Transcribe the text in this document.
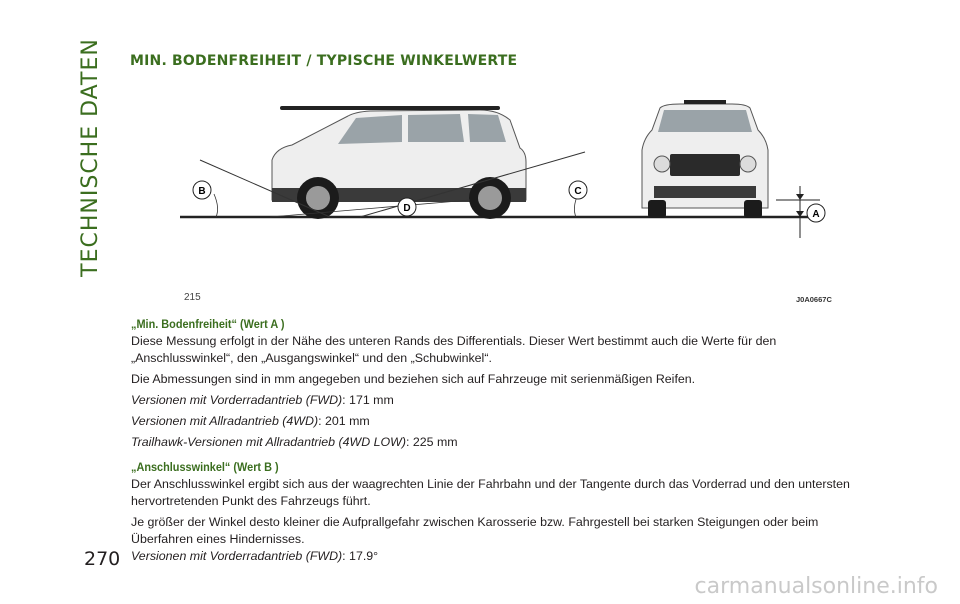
TECHNISCHE DATEN MIN. BODENFREIHEIT / TYPISCHE WINKELWERTE
A
B	C
D
215	J0A0667C

„Min. Bodenfreiheit“ (Wert A )

Diese Messung erfolgt in der Nähe des unteren Rands des Differentials. Dieser Wert bestimmt auch die Werte für den „Anschlusswinkel“, den „Ausgangswinkel“ und den „Schubwinkel“.

Die Abmessungen sind in mm angegeben und beziehen sich auf Fahrzeuge mit serienmäßigen Reifen.

Versionen mit Vorderradantrieb (FWD): 171 mm

Versionen mit Allradantrieb (4WD): 201 mm

Trailhawk-Versionen mit Allradantrieb (4WD LOW): 225 mm

„Anschlusswinkel“ (Wert B )

Der Anschlusswinkel ergibt sich aus der waagrechten Linie der Fahrbahn und der Tangente durch das Vorderrad und den untersten hervortretenden Punkt des Fahrzeugs führt.

Je größer der Winkel desto kleiner die Aufprallgefahr zwischen Karosserie bzw. Fahrgestell bei starken Steigungen oder beim Überfahren eines Hindernisses.

Versionen mit Vorderradantrieb (FWD): 17.9°

270
carmanualsonline.info
